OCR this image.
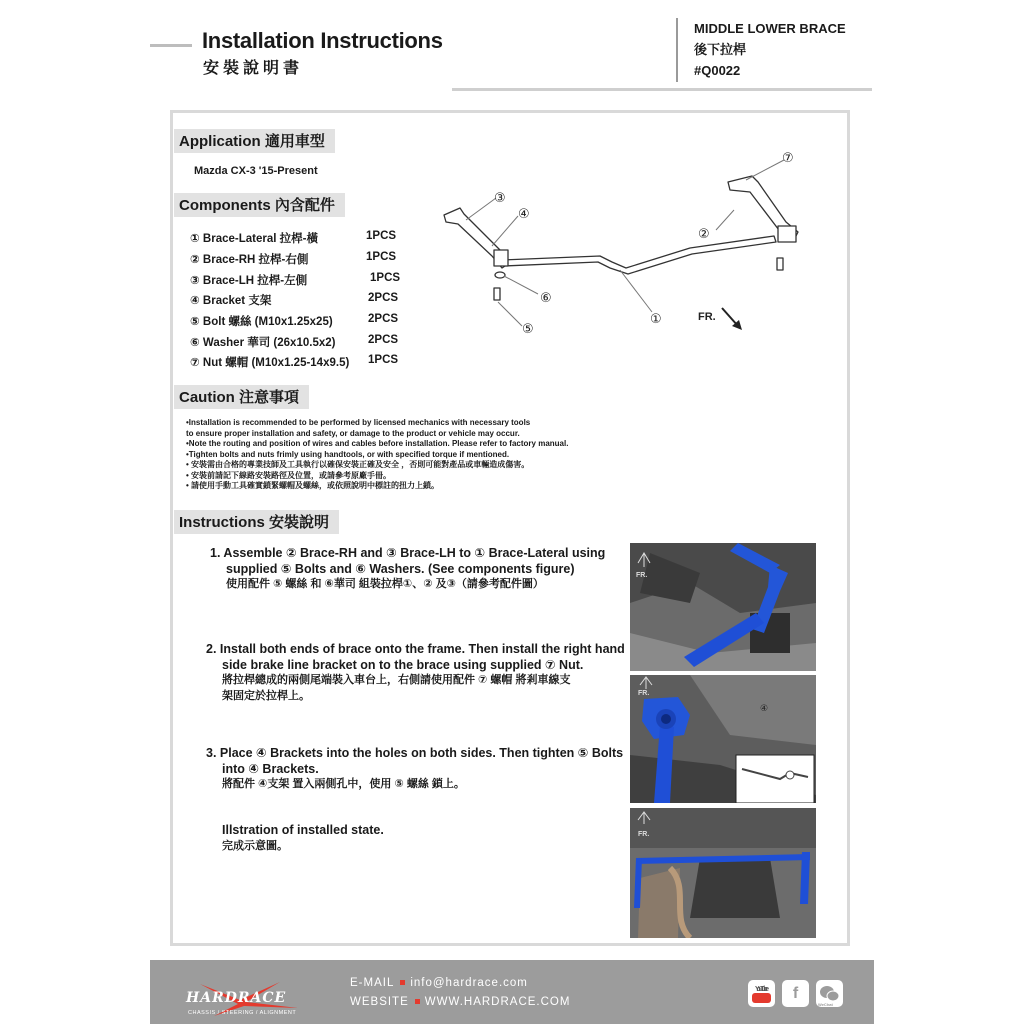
Installation Instructions
安裝說明書
MIDDLE LOWER BRACE
後下拉桿
#Q0022
Application 適用車型
Mazda CX-3 '15-Present
Components 內含配件
① Brace-Lateral 拉桿-橫	1PCS
② Brace-RH 拉桿-右側	1PCS
③ Brace-LH 拉桿-左側	1PCS
④ Bracket 支架	2PCS
⑤ Bolt 螺絲 (M10x1.25x25)	2PCS
⑥ Washer 華司 (26x10.5x2)	2PCS
⑦ Nut 螺帽 (M10x1.25-14x9.5) 1PCS
③
④
⑦
②
①
⑥
⑤
FR.
Caution 注意事項
•Installation is recommended to be performed by licensed mechanics with necessary tools
to ensure proper installation and safety, or damage to the product or vehicle may occur.
•Note the routing and position of wires and cables before installation. Please refer to factory manual.
•Tighten bolts and nuts frimly using handtools, or with specified torque if mentioned.
• 安裝需由合格的專業技師及工具執行以確保安裝正確及安全 ，否則可能對產品或車輛造成傷害。
• 安裝前請記下線路安裝路徑及位置，或請參考原廠手冊。
• 請使用手動工具確實鎖緊螺帽及螺絲，或依照說明中標註的扭力上鎖。
Instructions 安裝說明
1. Assemble ② Brace-RH and ③ Brace-LH to ① Brace-Lateral using
supplied ⑤ Bolts and ⑥ Washers. (See components figure)
使用配件 ⑤ 螺絲 和 ⑥華司 組裝拉桿①、② 及③（請參考配件圖）
2. Install both ends of brace onto the frame. Then install the right hand
side brake line bracket on to the brace using supplied ⑦ Nut.
將拉桿總成的兩側尾端裝入車台上，右側請使用配件 ⑦ 螺帽 將剎車線支
架固定於拉桿上。
3. Place ④ Brackets into the holes on both sides. Then tighten ⑤ Bolts
into ④ Brackets.
將配件 ④支架 置入兩側孔中，使用 ⑤ 螺絲 鎖上。
Illstration of installed state.
完成示意圖。
FR.
④
FR.
FR.
HARDRACE
CHASSIS / STEERING / ALIGNMENT
E-MAIL info@hardrace.com
WEBSITE WWW.HARDRACE.COM
YouTube	f
WeChat
